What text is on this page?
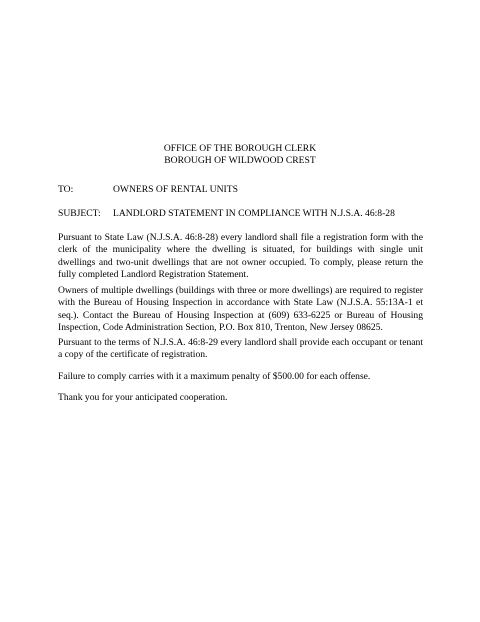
OFFICE OF THE BOROUGH CLERK
BOROUGH OF WILDWOOD CREST
TO:	OWNERS OF RENTAL UNITS
SUBJECT: LANDLORD STATEMENT IN COMPLIANCE WITH N.J.S.A. 46:8-28

Pursuant to State Law (N.J.S.A. 46:8-28) every landlord shall file a registration form with the clerk of the municipality where the dwelling is situated, for buildings with single unit dwellings and two-unit dwellings that are not owner occupied. To comply, please return the fully completed Landlord Registration Statement.

Owners of multiple dwellings (buildings with three or more dwellings) are required to register with the Bureau of Housing Inspection in accordance with State Law (N.J.S.A. 55:13A-1 et seq.). Contact the Bureau of Housing Inspection at (609) 633-6225 or Bureau of Housing Inspection, Code Administration Section, P.O. Box 810, Trenton, New Jersey 08625.

Pursuant to the terms of N.J.S.A. 46:8-29 every landlord shall provide each occupant or tenant a copy of the certificate of registration.

Failure to comply carries with it a maximum penalty of $500.00 for each offense.

Thank you for your anticipated cooperation.
